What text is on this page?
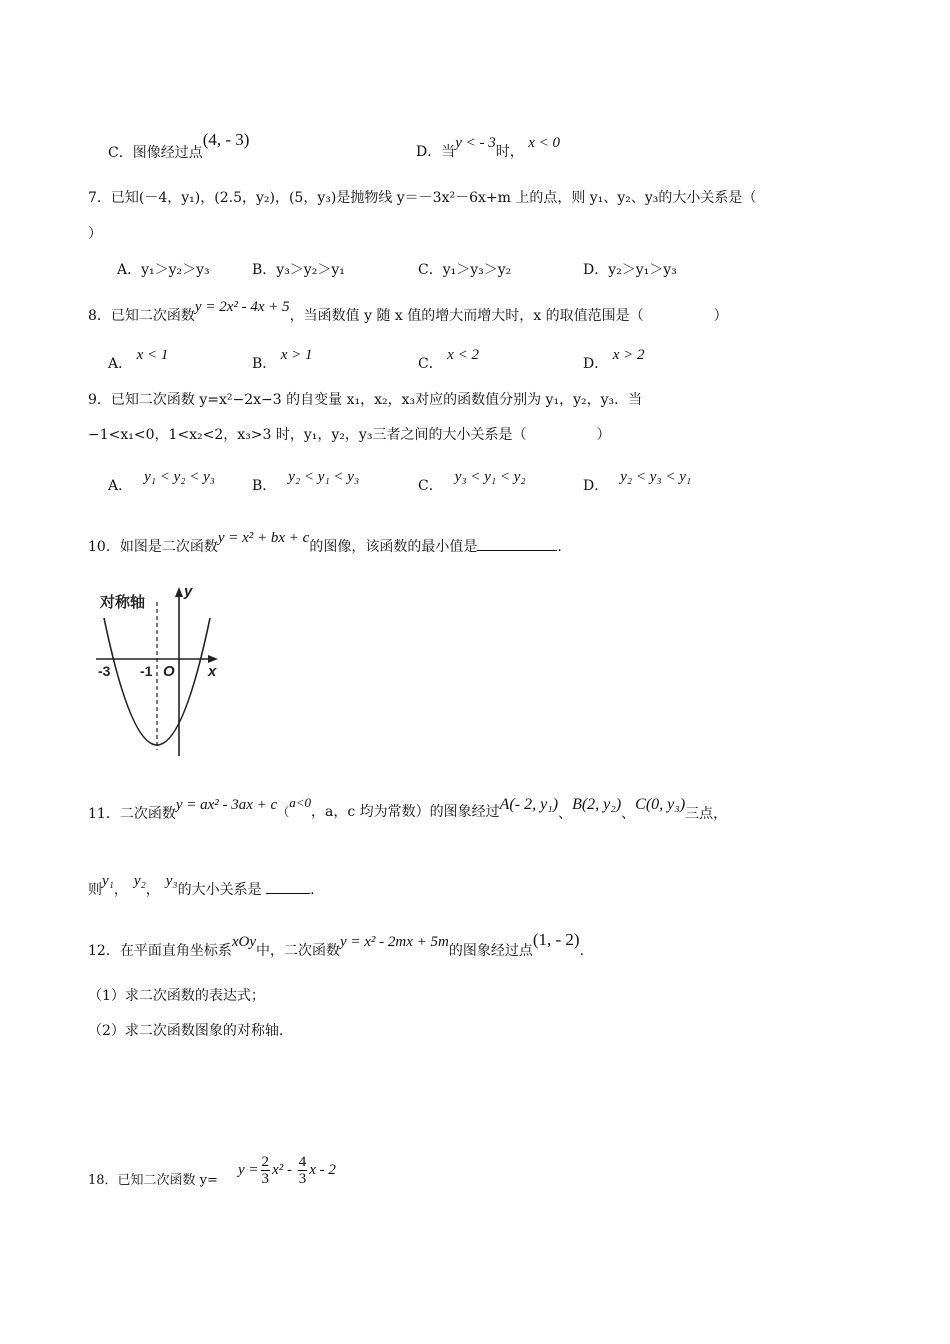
C．图像经过点(4, - 3)
D．当y < - 3时， x < 0
7．已知(－4，y₁)，(2.5，y₂)，(5，y₃)是抛物线 y＝－3x²－6x+m 上的点，则 y₁、y₂、y₃的大小关系是（
）
A．y₁＞y₂＞y₃	B．y₃＞y₂＞y₁	C．y₁＞y₃＞y₂	D．y₂＞y₁＞y₃
8．已知二次函数y = 2x² - 4x + 5，当函数值 y 随 x 值的增大而增大时，x 的取值范围是（　　　　　）
A． x < 1
B． x > 1
C． x < 2
D． x > 2
9．已知二次函数 y=x²−2x−3 的自变量 x₁，x₂，x₃对应的函数值分别为 y₁，y₂，y₃．当
−1<x₁<0，1<x₂<2，x₃>3 时，y₁，y₂，y₃三者之间的大小关系是（　　　　　）
A．y₁ < y₂ < y₃
B．y₂ < y₁ < y₃
C．y₃ < y₁ < y₂
D．y₂ < y₃ < y₁
10．如图是二次函数y = x² + bx + c的图像，该函数的最小值是	.
对称轴
y
x
O
-3 -1
11．二次函数y = ax² - 3ax + c（a<0，a，c 均为常数）的图象经过A(- 2, y₁)、B(2, y₂)、C(0, y₃)三点，
则y₁，y₂，y₃的大小关系是	.
12．在平面直角坐标系xOy中，二次函数y = x² - 2mx + 5m的图象经过点(1, - 2).
（1）求二次函数的表达式；
（2）求二次函数图象的对称轴.
18．已知二次函数 y=
$y = \frac{2}{3} x^2 - \frac{4}{3}$ x - 2
